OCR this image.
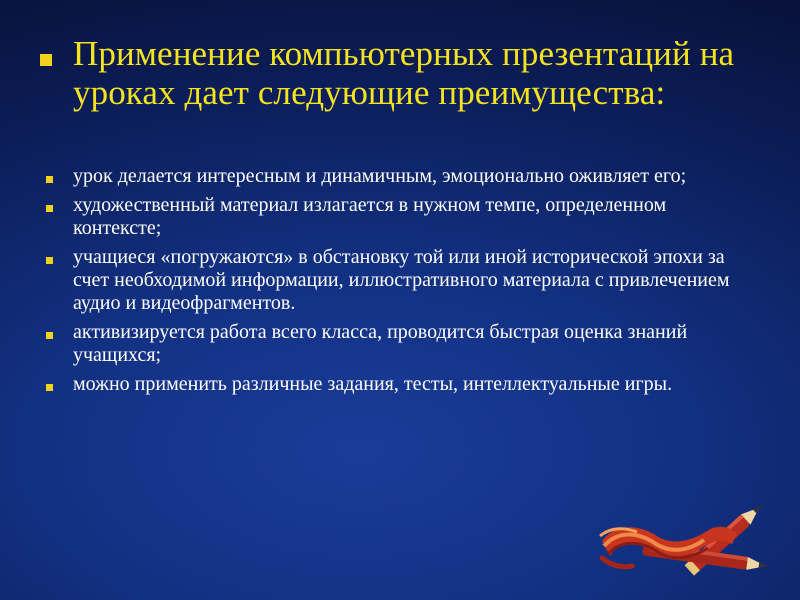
Применение компьютерных презентаций на уроках дает следующие преимущества:
урок делается интересным и динамичным, эмоционально оживляет его;
художественный материал излагается в нужном темпе, определенном контексте;
учащиеся «погружаются» в обстановку той или иной исторической эпохи за счет необходимой информации, иллюстративного материала с привлечением аудио и видеофрагментов.
активизируется работа всего класса, проводится быстрая оценка знаний учащихся;
можно применить различные задания, тесты, интеллектуальные игры.
